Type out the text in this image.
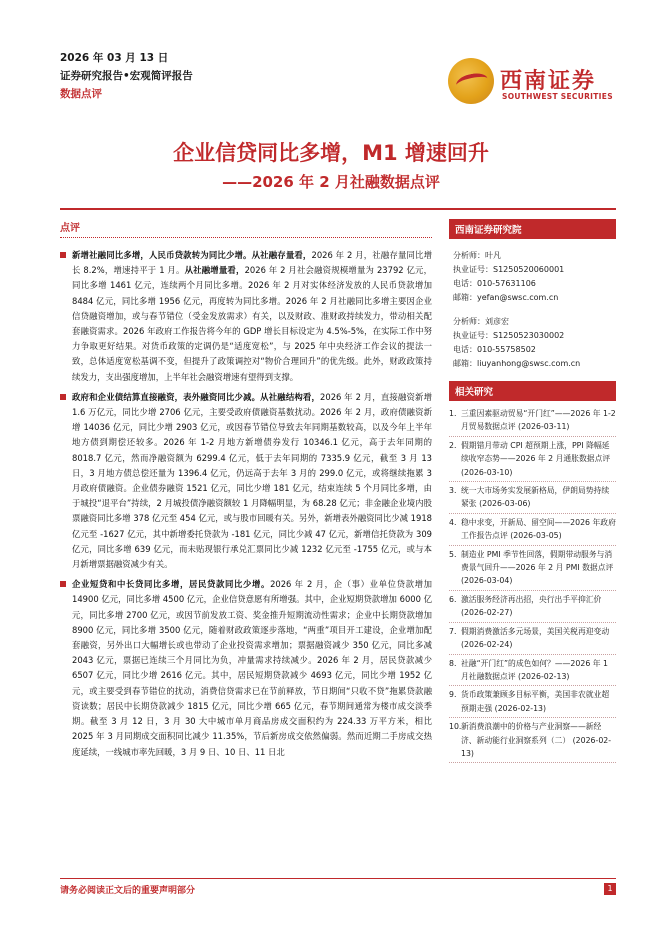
2026 年 03 月 13 日
证券研究报告•宏观简评报告
数据点评	西南证券
SOUTHWEST SECURITIES
企业信贷同比多增，M1 增速回升
——2026 年 2 月社融数据点评
点评
新增社融同比多增，人民币贷款转为同比少增。从社融存量看，2026 年 2 月，社融存量同比增长 8.2%，增速持平于 1 月。从社融增量看，2026 年 2 月社会融资规模增量为 23792 亿元，同比多增 1461 亿元，连续两个月同比多增。2026 年 2 月对实体经济发放的人民币贷款增加 8484 亿元，同比多增 1956 亿元，再度转为同比多增。2026 年 2 月社融同比多增主要因企业信贷融资增加，或与春节错位（受金发放需求）有关，以及财政、准财政持续发力，带动相关配套融资需求。2026 年政府工作报告将今年的 GDP 增长目标设定为 4.5%-5%，在实际工作中努力争取更好结果。对货币政策的定调仍是“适度宽松”，与 2025 年中央经济工作会议的提法一致，总体适度宽松基调不变，但提升了政策调控对“物价合理回升”的优先级。此外，财政政策持续发力，支出强度增加，上半年社会融资增速有望得到支撑。
政府和企业债结算直接融资，表外融资同比少减。从社融结构看，2026 年 2 月，直接融资新增 1.6 万亿元，同比少增 2706 亿元，主要受政府债融资基数扰动。2026 年 2 月，政府债融资新增 14036 亿元，同比少增 2903 亿元，或因春节错位导致去年同期基数较高，以及今年上半年地方债到期偿还较多。2026 年 1-2 月地方新增债券发行 10346.1 亿元，高于去年同期的 8018.7 亿元，然而净融资额为 6299.4 亿元，低于去年同期的 7335.9 亿元，截至 3 月 13 日，3 月地方债总偿还量为 1396.4 亿元，仍远高于去年 3 月的 299.0 亿元，或将继续拖累 3 月政府债融资。企业债券融资 1521 亿元，同比少增 181 亿元，结束连续 5 个月同比多增，由于城投“退平台”持续，2 月城投债净融资额较 1 月降幅明显，为 68.28 亿元；非金融企业境内股票融资同比多增 378 亿元至 454 亿元，或与股市回暖有关。另外，新增表外融资同比少减 1918 亿元至 -1627 亿元，其中新增委托贷款为 -181 亿元，同比少减 47 亿元，新增信托贷款为 309 亿元，同比多增 639 亿元，而未贴现银行承兑汇票同比少减 1232 亿元至 -1755 亿元，或与本月新增票据融资减少有关。
企业短贷和中长贷同比多增，居民贷款同比少增。2026 年 2 月，企（事）业单位贷款增加 14900 亿元，同比多增 4500 亿元，企业信贷意愿有所增强。其中，企业短期贷款增加 6000 亿元，同比多增 2700 亿元，或因节前发放工资、奖金推升短期流动性需求；企业中长期贷款增加 8900 亿元，同比多增 3500 亿元，随着财政政策逐步落地，“两重”项目开工建设，企业增加配套融资，另外出口大幅增长或也带动了企业投资需求增加；票据融资减少 350 亿元，同比多减 2043 亿元，票据已连续三个月同比为负，冲量需求持续减少。2026 年 2 月，居民贷款减少 6507 亿元，同比少增 2616 亿元。其中，居民短期贷款减少 4693 亿元，同比少增 1952 亿元，或主要受到春节错位的扰动，消费信贷需求已在节前释放，节日期间“只收不贷”拖累贷款融资读数；居民中长期贷款减少 1815 亿元，同比少增 665 亿元，春节期间通常为楼市成交淡季期。截至 3 月 12 日，3 月 30 大中城市单月商品房成交面积约为 224.33 万平方米，相比 2025 年 3 月同期成交面积同比减少 11.35%，节后新房成交依然偏弱。然而近期二手房成交热度延续，一线城市率先回暖，3 月 9 日、10 日、11 日北
西南证券研究院
分析师：叶凡
执业证号：S1250520060001
电话：010-57631106
邮箱：yefan@swsc.com.cn
分析师：刘彦宏
执业证号：S1250523030002
电话：010-55758502
邮箱：liuyanhong@swsc.com.cn
相关研究
1. 三重因素驱动贸易“开门红”——2026 年 1-2 月贸易数据点评 (2026-03-11)
2. 假期错月带动 CPI 超预期上涨，PPI 降幅延续收窄态势——2026 年 2 月通胀数据点评 (2026-03-10)
3. 统一大市场务实发展新格局，伊朗局势持续紧张 (2026-03-06)
4. 稳中求变，开新局、留空间——2026 年政府工作报告点评 (2026-03-05)
5. 制造业 PMI 季节性回落，假期带动服务与消费景气回升——2026 年 2 月 PMI 数据点评 (2026-03-04)
6. 激活服务经济再出招，央行出手平抑汇价 (2026-02-27)
7. 假期消费激活多元场景，美国关税再迎变动 (2026-02-24)
8. 社融“开门红”的成色如何？——2026 年 1 月社融数据点评 (2026-02-13)
9. 货币政策兼顾多目标平衡，美国非农就业超预期走强 (2026-02-13)
10. 新消费浪潮中的价格与产业洞察——新经济、新动能行业洞察系列（二） (2026-02-13)
请务必阅读正文后的重要声明部分	1
